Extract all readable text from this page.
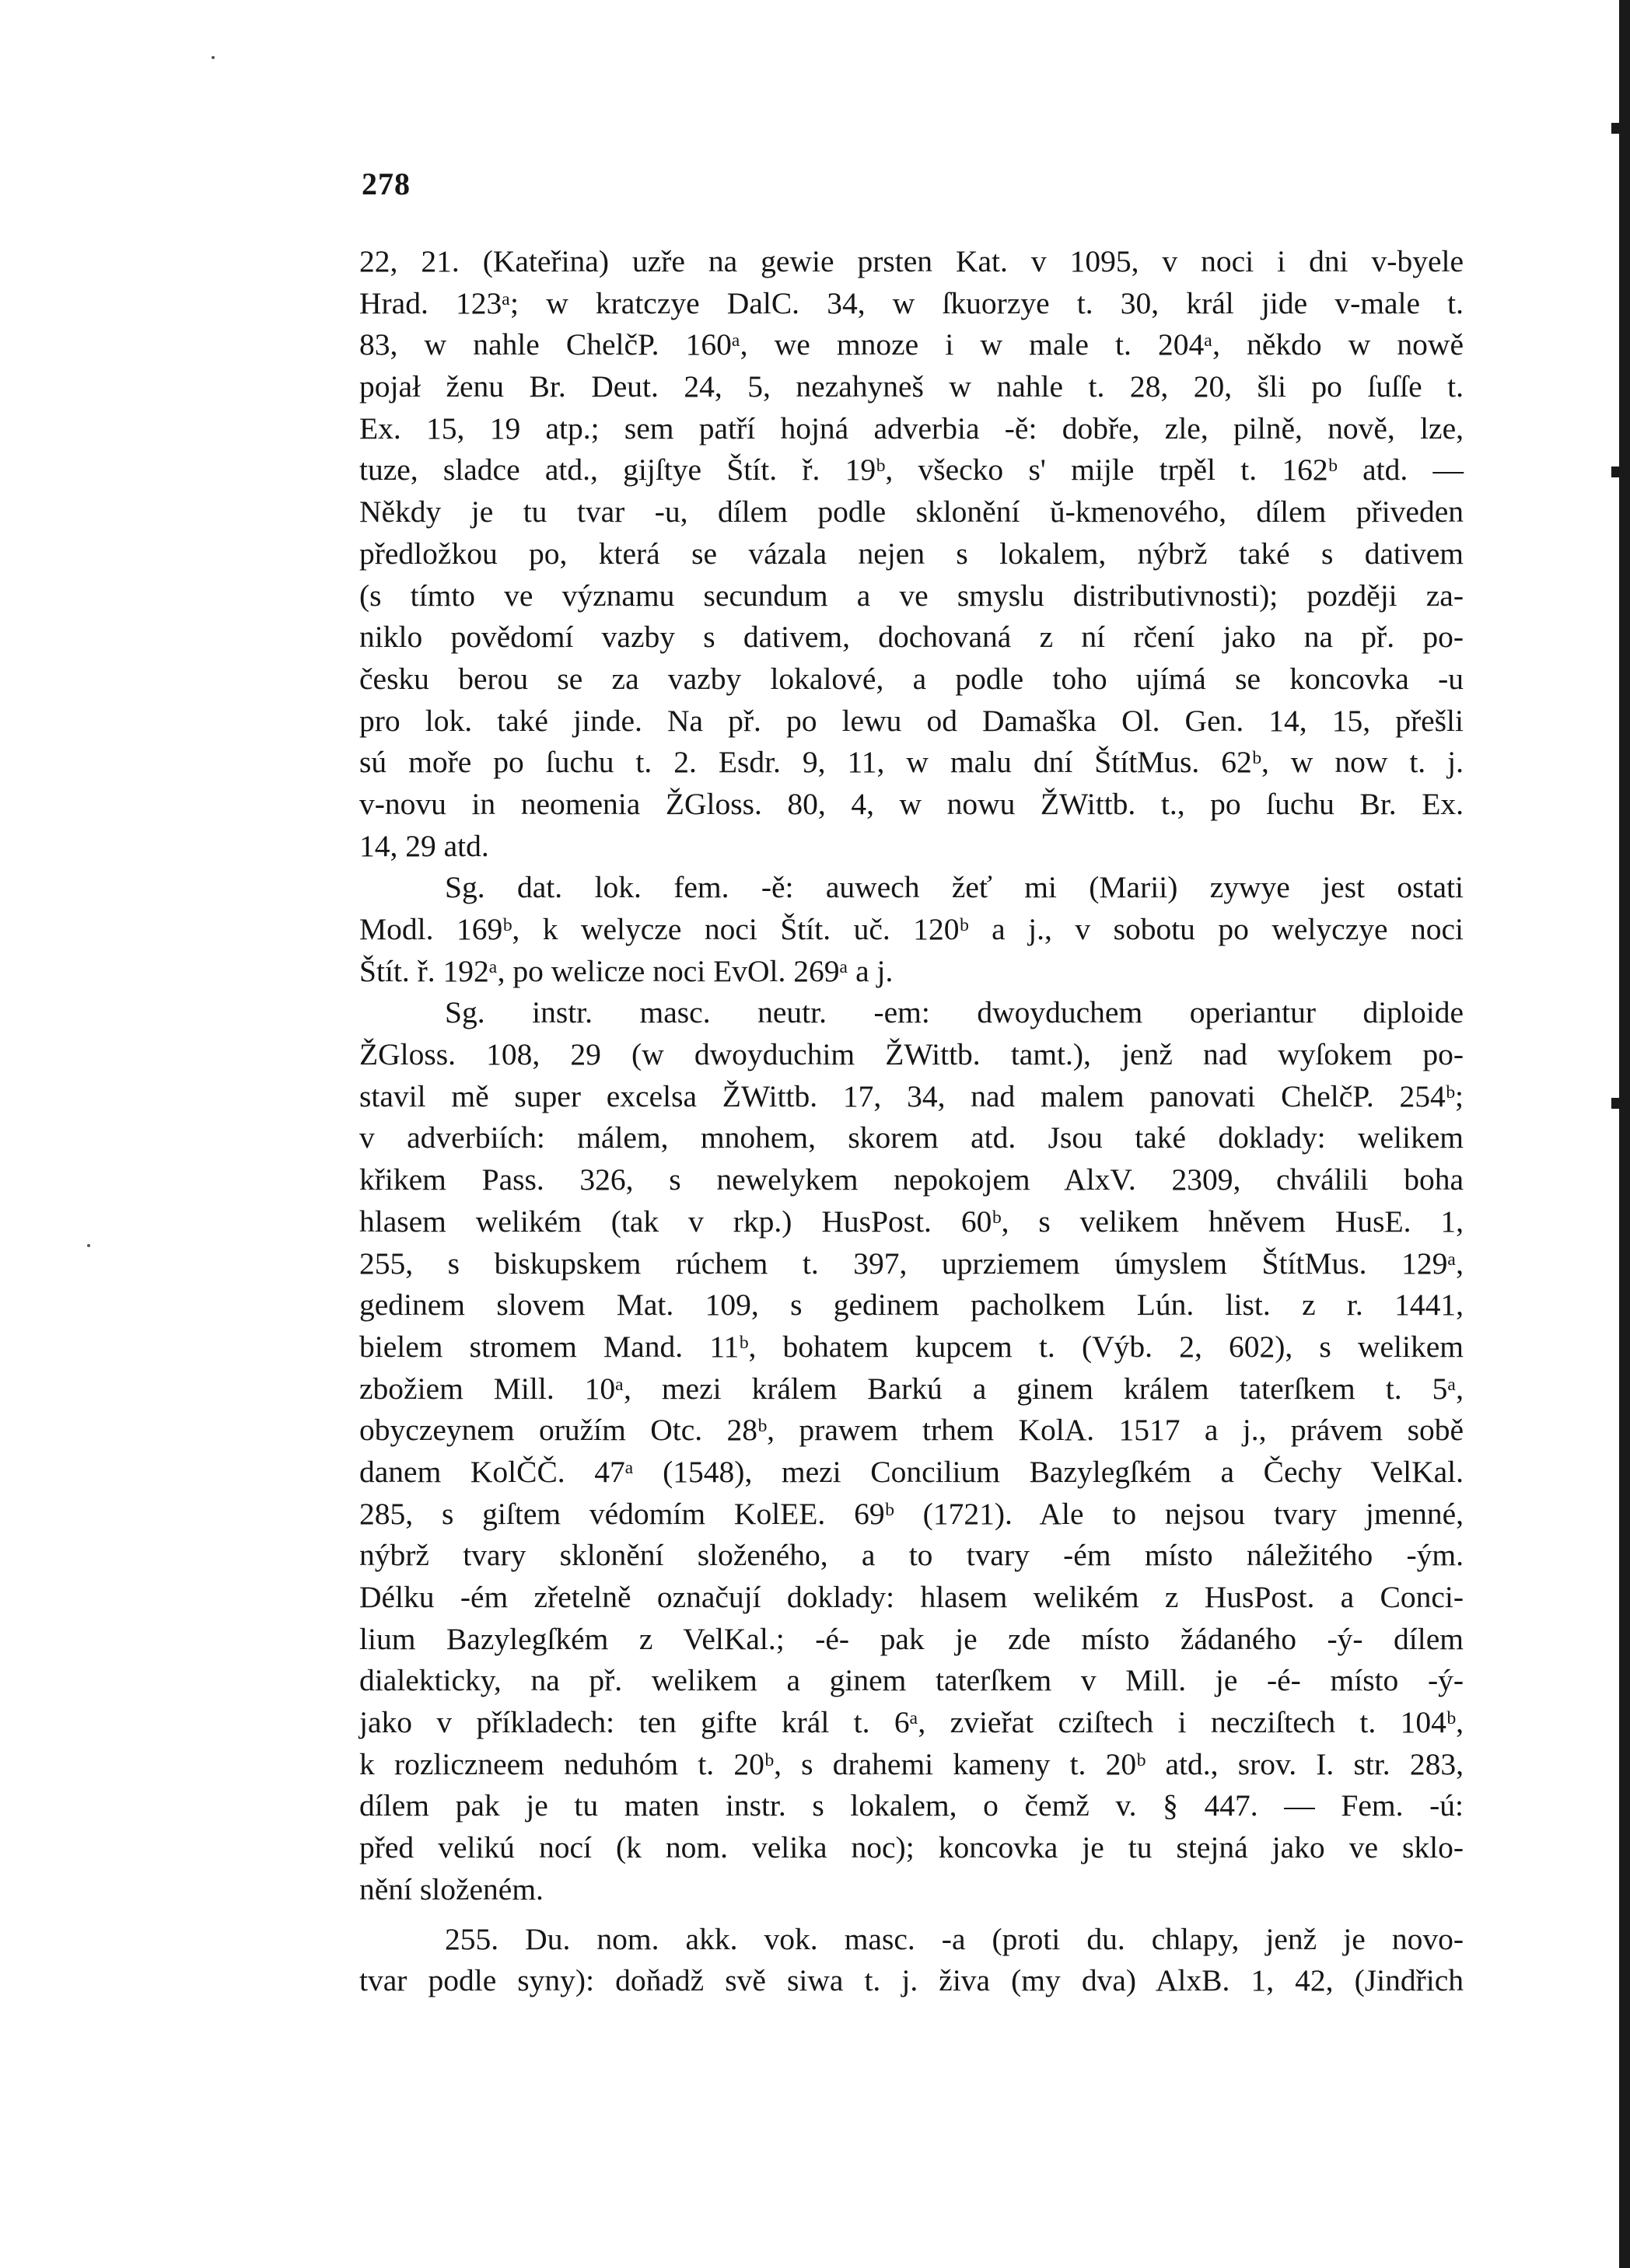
278
22, 21. (Kateřina) uzře na gewie prsten Kat. v 1095, v noci i dni v-byele
Hrad. 123ᵃ; w kratczye DalC. 34, w ſkuorzye t. 30, král jide v-male t.
83, w nahle ChelčP. 160ᵃ, we mnoze i w male t. 204ᵃ, někdo w nowě
pojał ženu Br. Deut. 24, 5, nezahyneš w nahle t. 28, 20, šli po ſuſſe t.
Ex. 15, 19 atp.; sem patří hojná adverbia -ě: dobře, zle, pilně, nově, lze,
tuze, sladce atd., gijſtye Štít. ř. 19ᵇ, všecko s' mijle trpěl t. 162ᵇ atd. —
Někdy je tu tvar -u, dílem podle sklonění ŭ-kmenového, dílem přiveden
předložkou po, která se vázala nejen s lokalem, nýbrž také s dativem
(s tímto ve významu secundum a ve smyslu distributivnosti); později za-
niklo povědomí vazby s dativem, dochovaná z ní rčení jako na př. po-
česku berou se za vazby lokalové, a podle toho ujímá se koncovka -u
pro lok. také jinde. Na př. po lewu od Damaška Ol. Gen. 14, 15, přešli
sú moře po ſuchu t. 2. Esdr. 9, 11, w malu dní ŠtítMus. 62ᵇ, w now t. j.
v-novu in neomenia ŽGloss. 80, 4, w nowu ŽWittb. t., po ſuchu Br. Ex.
14, 29 atd.
Sg. dat. lok. fem. -ě: auwech žeť mi (Marii) zywye jest ostati
Modl. 169ᵇ, k welycze noci Štít. uč. 120ᵇ a j., v sobotu po welyczye noci
Štít. ř. 192ᵃ, po welicze noci EvOl. 269ᵃ a j.
Sg. instr. masc. neutr. -em: dwoyduchem operiantur diploide
ŽGloss. 108, 29 (w dwoyduchim ŽWittb. tamt.), jenž nad wyſokem po-
stavil mě super excelsa ŽWittb. 17, 34, nad malem panovati ChelčP. 254ᵇ;
v adverbiích: málem, mnohem, skorem atd. Jsou také doklady: welikem
křikem Pass. 326, s newelykem nepokojem AlxV. 2309, chválili boha
hlasem welikém (tak v rkp.) HusPost. 60ᵇ, s velikem hněvem HusE. 1,
255, s biskupskem rúchem t. 397, uprziemem úmyslem ŠtítMus. 129ᵃ,
gedinem slovem Mat. 109, s gedinem pacholkem Lún. list. z r. 1441,
bielem stromem Mand. 11ᵇ, bohatem kupcem t. (Výb. 2, 602), s welikem
zbožiem Mill. 10ᵃ, mezi králem Barkú a ginem králem taterſkem t. 5ᵃ,
obyczeynem oružím Otc. 28ᵇ, prawem trhem KolA. 1517 a j., právem sobě
danem KolČČ. 47ᵃ (1548), mezi Concilium Bazylegſkém a Čechy VelKal.
285, s giſtem védomím KolEE. 69ᵇ (1721). Ale to nejsou tvary jmenné,
nýbrž tvary sklonění složeného, a to tvary -ém místo náležitého -ým.
Délku -ém zřetelně označují doklady: hlasem welikém z HusPost. a Conci-
lium Bazylegſkém z VelKal.; -é- pak je zde místo žádaného -ý- dílem
dialekticky, na př. welikem a ginem taterſkem v Mill. je -é- místo -ý-
jako v příkladech: ten gifte král t. 6ᵃ, zvieřat cziſtech i necziſtech t. 104ᵇ,
k rozliczneem neduhóm t. 20ᵇ, s drahemi kameny t. 20ᵇ atd., srov. I. str. 283,
dílem pak je tu maten instr. s lokalem, o čemž v. § 447. — Fem. -ú:
před velikú nocí (k nom. velika noc); koncovka je tu stejná jako ve sklo-
nění složeném.
255. Du. nom. akk. vok. masc. -a (proti du. chlapy, jenž je novo-
tvar podle syny): doňadž svě siwa t. j. živa (my dva) AlxB. 1, 42, (Jindřich
